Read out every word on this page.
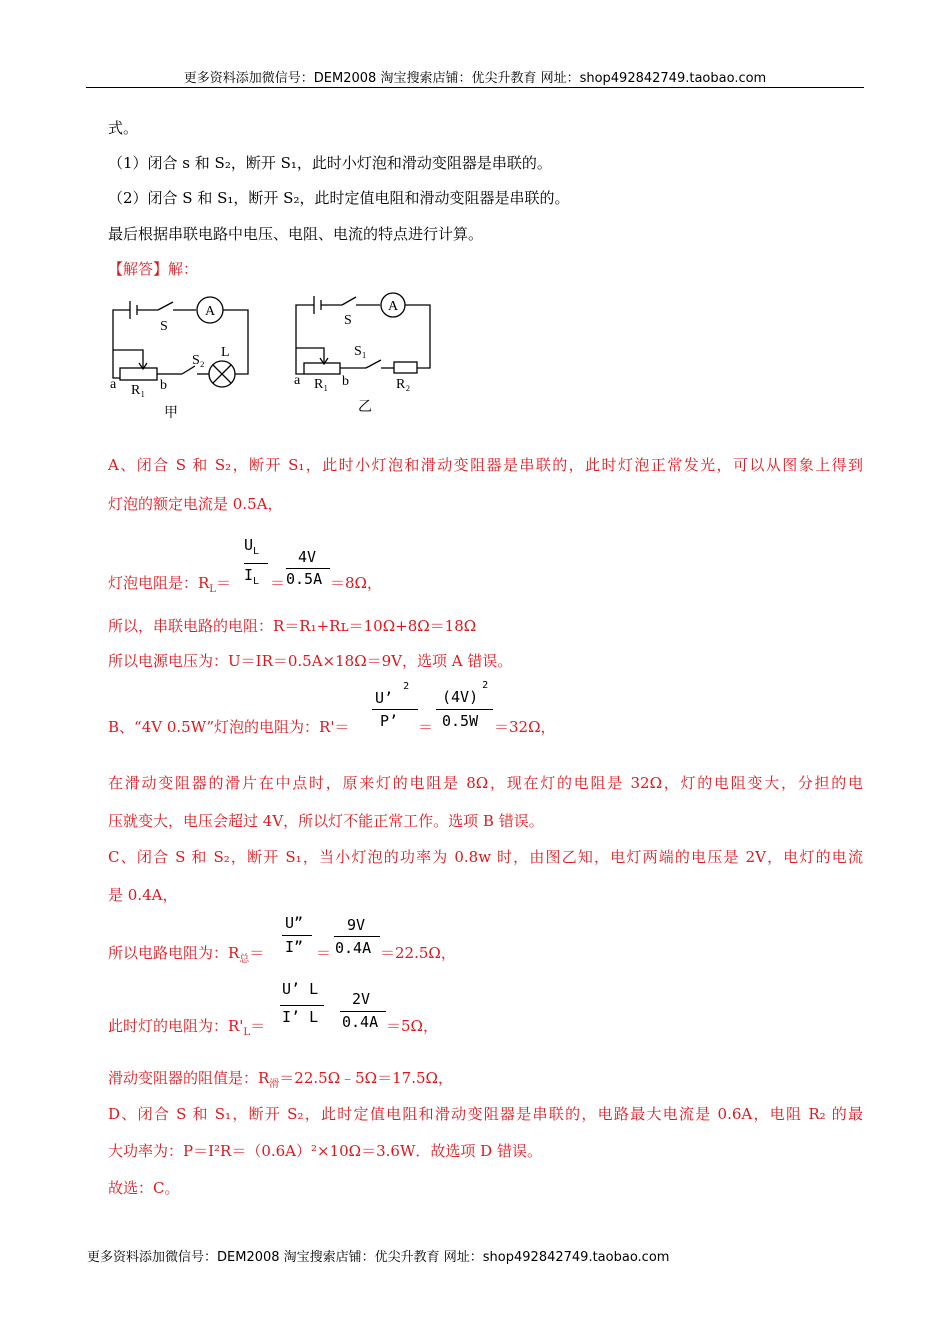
更多资料添加微信号：DEM2008 淘宝搜索店铺：优尖升教育 网址：shop492842749.taobao.com
式。
（1）闭合 s 和 S₂，断开 S₁，此时小灯泡和滑动变阻器是串联的。
（2）闭合 S 和 S₁，断开 S₂，此时定值电阻和滑动变阻器是串联的。
最后根据串联电路中电压、电阻、电流的特点进行计算。
【解答】解：
S
A
S₂
L
a R₁ b
甲
S
A
S₁
R₂
a R₁ b
乙
A、闭合 S 和 S₂，断开 S₁，此时小灯泡和滑动变阻器是串联的，此时灯泡正常发光，可以从图象上得到
灯泡的额定电流是 0.5A，
灯泡电阻是：$R_L=$
$U_L$
$I_L$ ＝
4V
0.5A ＝8Ω，
所以，串联电路的电阻：R＝R₁+Rʟ＝10Ω+8Ω＝18Ω
所以电源电压为：U＝IR＝0.5A×18Ω＝9V，选项 A 错误。
B、“4V 0.5W”灯泡的电阻为：R'＝
U’$^2$
P’ ＝
$(4V)^2$
0.5W ＝32Ω，
在滑动变阻器的滑片在中点时，原来灯的电阻是 8Ω，现在灯的电阻是 32Ω，灯的电阻变大，分担的电
压就变大，电压会超过 4V，所以灯不能正常工作。选项 B 错误。
C、闭合 S 和 S₂，断开 S₁，当小灯泡的功率为 0.8w 时，由图乙知，电灯两端的电压是 2V，电灯的电流
是 0.4A，
所以电路电阻为：$R_总=$
U”
I” ＝
9V
0.4A ＝22.5Ω，
此时灯的电阻为：$R'_L=$
U’ L
I’ L
2V
0.4A ＝5Ω，
滑动变阻器的阻值是：$R_滑=22.5\Omega﹣5\Omega=17.5\Omega$，
D、闭合 S 和 S₁，断开 S₂，此时定值电阻和滑动变阻器是串联的，电路最大电流是 0.6A，电阻 R₂ 的最
大功率为：P＝I²R＝（0.6A）²×10Ω＝3.6W．故选项 D 错误。
故选：C。
更多资料添加微信号：DEM2008 淘宝搜索店铺：优尖升教育 网址：shop492842749.taobao.com
